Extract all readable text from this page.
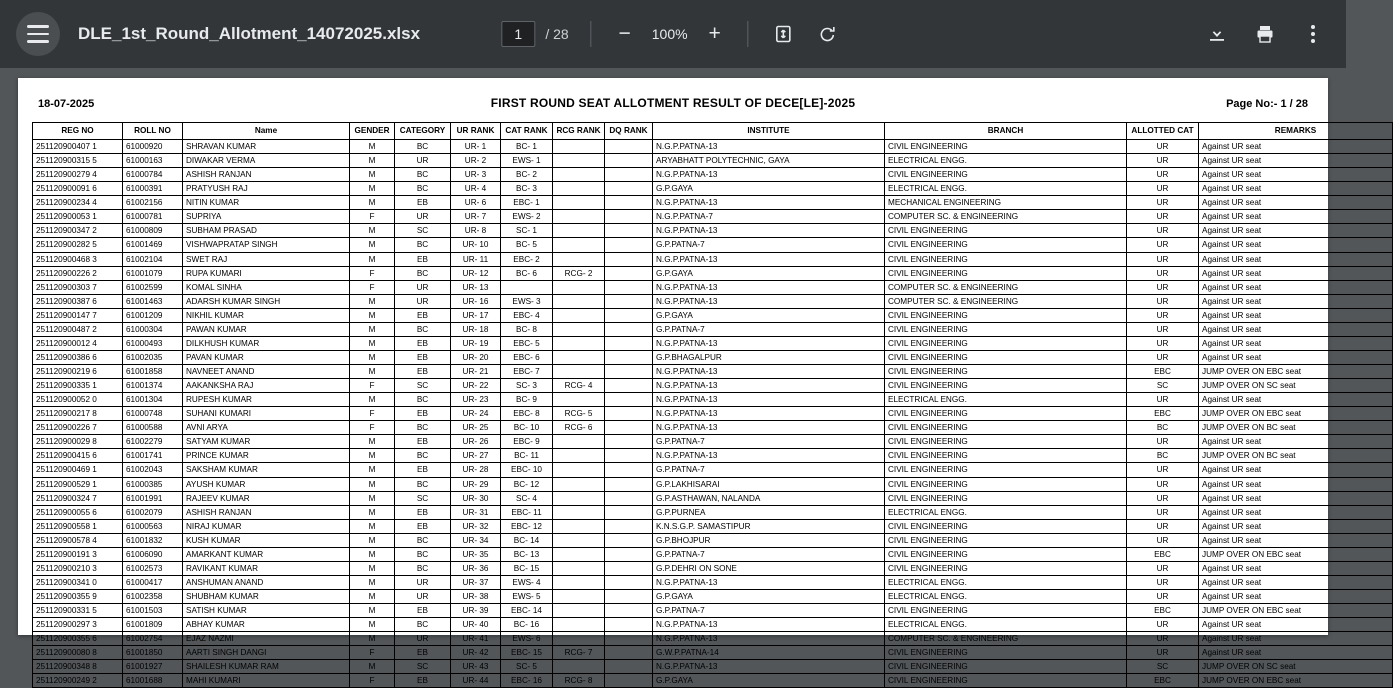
DLE_1st_Round_Allotment_14072025.xlsx
1	/ 28	−	100% +
18-07-2025	FIRST ROUND SEAT ALLOTMENT RESULT OF DECE[LE]-2025	Page No:- 1 / 28
REG NO	ROLL NO	Name	GENDER	CATEGORY	UR RANK	CAT RANK	RCG RANK	DQ RANK	INSTITUTE	BRANCH	ALLOTTED CAT	REMARKS
251120900407 1	61000920	SHRAVAN KUMAR	M	BC	UR- 1	BC- 1			N.G.P.PATNA-13	CIVIL ENGINEERING	UR	Against UR seat
251120900315 5	61000163	DIWAKAR VERMA	M	UR	UR- 2	EWS- 1			ARYABHATT POLYTECHNIC, GAYA	ELECTRICAL ENGG.	UR	Against UR seat
251120900279 4	61000784	ASHISH RANJAN	M	BC	UR- 3	BC- 2			N.G.P.PATNA-13	CIVIL ENGINEERING	UR	Against UR seat
251120900091 6	61000391	PRATYUSH RAJ	M	BC	UR- 4	BC- 3			G.P.GAYA	ELECTRICAL ENGG.	UR	Against UR seat
251120900234 4	61002156	NITIN KUMAR	M	EB	UR- 6	EBC- 1			N.G.P.PATNA-13	MECHANICAL ENGINEERING	UR	Against UR seat
251120900053 1	61000781	SUPRIYA	F	UR	UR- 7	EWS- 2			N.G.P.PATNA-7	COMPUTER SC. & ENGINEERING	UR	Against UR seat
251120900347 2	61000809	SUBHAM PRASAD	M	SC	UR- 8	SC- 1			N.G.P.PATNA-13	CIVIL ENGINEERING	UR	Against UR seat
251120900282 5	61001469	VISHWAPRATAP SINGH	M	BC	UR- 10	BC- 5			G.P.PATNA-7	CIVIL ENGINEERING	UR	Against UR seat
251120900468 3	61002104	SWET RAJ	M	EB	UR- 11	EBC- 2			N.G.P.PATNA-13	CIVIL ENGINEERING	UR	Against UR seat
251120900226 2	61001079	RUPA KUMARI	F	BC	UR- 12	BC- 6	RCG- 2		G.P.GAYA	CIVIL ENGINEERING	UR	Against UR seat
251120900303 7	61002599	KOMAL SINHA	F	UR	UR- 13				N.G.P.PATNA-13	COMPUTER SC. & ENGINEERING	UR	Against UR seat
251120900387 6	61001463	ADARSH KUMAR SINGH	M	UR	UR- 16	EWS- 3			N.G.P.PATNA-13	COMPUTER SC. & ENGINEERING	UR	Against UR seat
251120900147 7	61001209	NIKHIL KUMAR	M	EB	UR- 17	EBC- 4			G.P.GAYA	CIVIL ENGINEERING	UR	Against UR seat
251120900487 2	61000304	PAWAN KUMAR	M	BC	UR- 18	BC- 8			G.P.PATNA-7	CIVIL ENGINEERING	UR	Against UR seat
251120900012 4	61000493	DILKHUSH KUMAR	M	EB	UR- 19	EBC- 5			N.G.P.PATNA-13	CIVIL ENGINEERING	UR	Against UR seat
251120900386 6	61002035	PAVAN KUMAR	M	EB	UR- 20	EBC- 6			G.P.BHAGALPUR	CIVIL ENGINEERING	UR	Against UR seat
251120900219 6	61001858	NAVNEET ANAND	M	EB	UR- 21	EBC- 7			N.G.P.PATNA-13	CIVIL ENGINEERING	EBC	JUMP OVER ON EBC seat
251120900335 1	61001374	AAKANKSHA RAJ	F	SC	UR- 22	SC- 3	RCG- 4		N.G.P.PATNA-13	CIVIL ENGINEERING	SC	JUMP OVER ON SC seat
251120900052 0	61001304	RUPESH KUMAR	M	BC	UR- 23	BC- 9			N.G.P.PATNA-13	ELECTRICAL ENGG.	UR	Against UR seat
251120900217 8	61000748	SUHANI KUMARI	F	EB	UR- 24	EBC- 8	RCG- 5		N.G.P.PATNA-13	CIVIL ENGINEERING	EBC	JUMP OVER ON EBC seat
251120900226 7	61000588	AVNI ARYA	F	BC	UR- 25	BC- 10	RCG- 6		N.G.P.PATNA-13	CIVIL ENGINEERING	BC	JUMP OVER ON BC seat
251120900029 8	61002279	SATYAM KUMAR	M	EB	UR- 26	EBC- 9			G.P.PATNA-7	CIVIL ENGINEERING	UR	Against UR seat
251120900415 6	61001741	PRINCE KUMAR	M	BC	UR- 27	BC- 11			N.G.P.PATNA-13	CIVIL ENGINEERING	BC	JUMP OVER ON BC seat
251120900469 1	61002043	SAKSHAM KUMAR	M	EB	UR- 28	EBC- 10			G.P.PATNA-7	CIVIL ENGINEERING	UR	Against UR seat
251120900529 1	61000385	AYUSH KUMAR	M	BC	UR- 29	BC- 12			G.P.LAKHISARAI	CIVIL ENGINEERING	UR	Against UR seat
251120900324 7	61001991	RAJEEV KUMAR	M	SC	UR- 30	SC- 4			G.P.ASTHAWAN, NALANDA	CIVIL ENGINEERING	UR	Against UR seat
251120900055 6	61002079	ASHISH RANJAN	M	EB	UR- 31	EBC- 11			G.P.PURNEA	ELECTRICAL ENGG.	UR	Against UR seat
251120900558 1	61000563	NIRAJ KUMAR	M	EB	UR- 32	EBC- 12			K.N.S.G.P. SAMASTIPUR	CIVIL ENGINEERING	UR	Against UR seat
251120900578 4	61001832	KUSH KUMAR	M	BC	UR- 34	BC- 14			G.P.BHOJPUR	CIVIL ENGINEERING	UR	Against UR seat
251120900191 3	61006090	AMARKANT KUMAR	M	BC	UR- 35	BC- 13			G.P.PATNA-7	CIVIL ENGINEERING	EBC	JUMP OVER ON EBC seat
251120900210 3	61002573	RAVIKANT KUMAR	M	BC	UR- 36	BC- 15			G.P.DEHRI ON SONE	CIVIL ENGINEERING	UR	Against UR seat
251120900341 0	61000417	ANSHUMAN ANAND	M	UR	UR- 37	EWS- 4			N.G.P.PATNA-13	ELECTRICAL ENGG.	UR	Against UR seat
251120900355 9	61002358	SHUBHAM KUMAR	M	UR	UR- 38	EWS- 5			G.P.GAYA	ELECTRICAL ENGG.	UR	Against UR seat
251120900331 5	61001503	SATISH KUMAR	M	EB	UR- 39	EBC- 14			G.P.PATNA-7	CIVIL ENGINEERING	EBC	JUMP OVER ON EBC seat
251120900297 3	61001809	ABHAY KUMAR	M	BC	UR- 40	BC- 16			N.G.P.PATNA-13	ELECTRICAL ENGG.	UR	Against UR seat
251120900355 6	61002754	EJAZ NAZMI	M	UR	UR- 41	EWS- 6			N.G.P.PATNA-13	COMPUTER SC. & ENGINEERING	UR	Against UR seat
251120900080 8	61001850	AARTI SINGH DANGI	F	EB	UR- 42	EBC- 15	RCG- 7		G.W.P.PATNA-14	CIVIL ENGINEERING	UR	Against UR seat
251120900348 8	61001927	SHAILESH KUMAR RAM	M	SC	UR- 43	SC- 5			N.G.P.PATNA-13	CIVIL ENGINEERING	SC	JUMP OVER ON SC seat
251120900249 2	61001688	MAHI KUMARI	F	EB	UR- 44	EBC- 16	RCG- 8		G.P.GAYA	CIVIL ENGINEERING	EBC	JUMP OVER ON EBC seat
